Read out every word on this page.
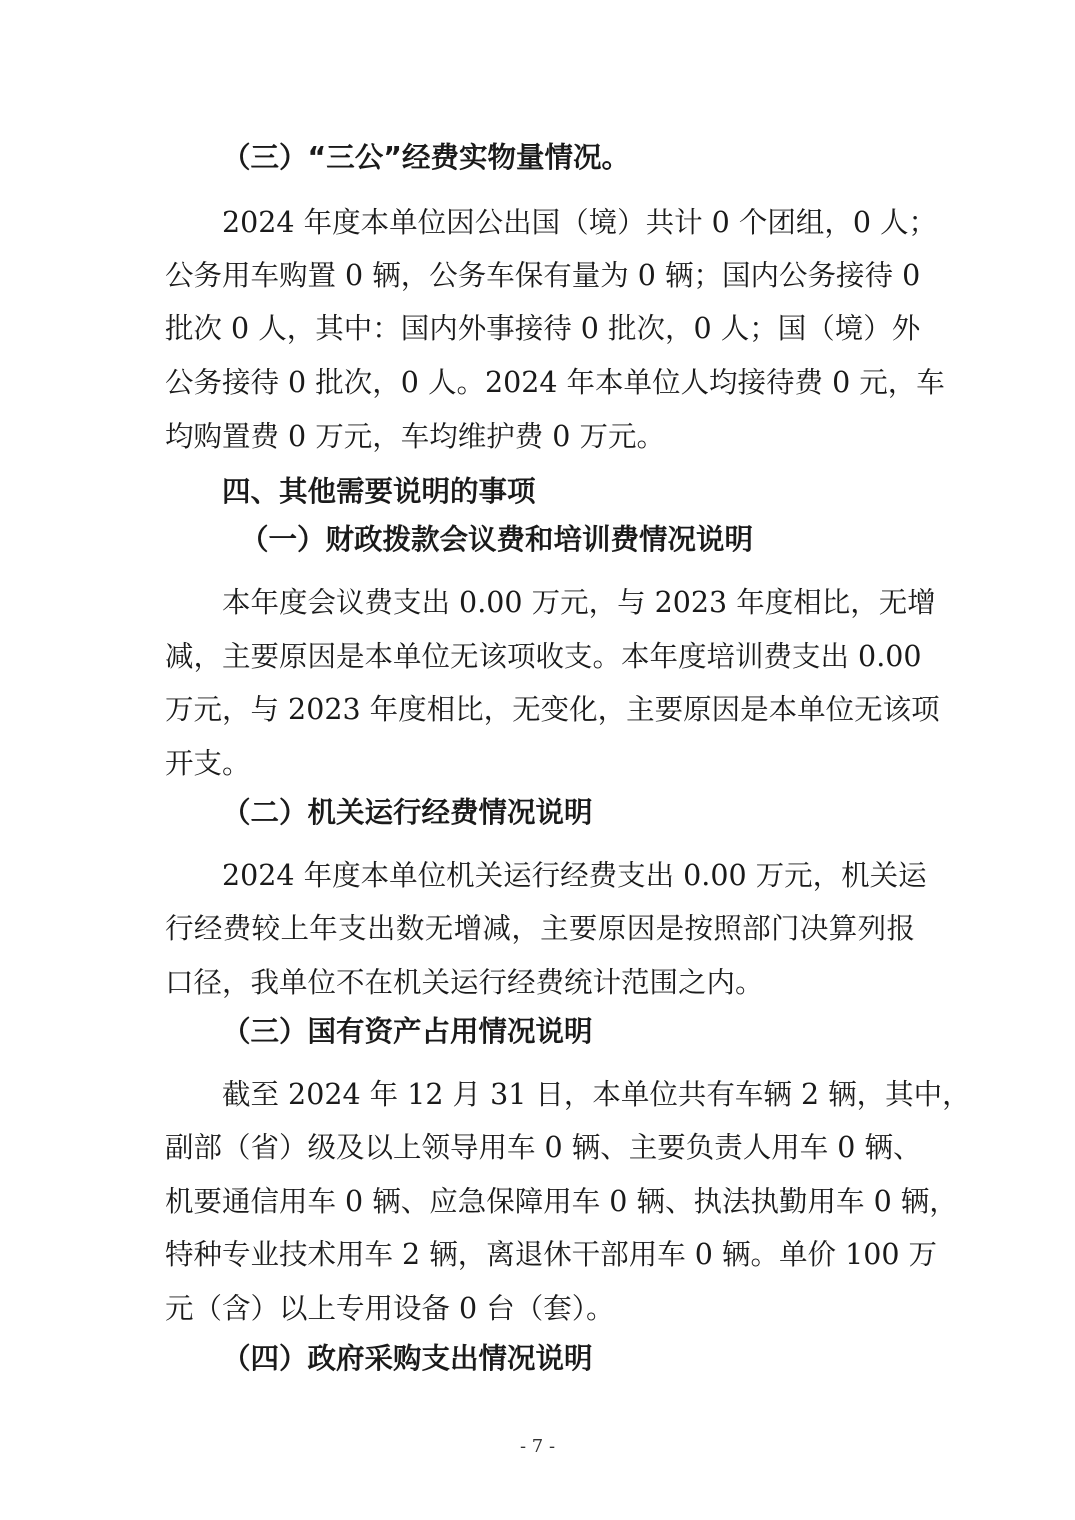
（三）“三公”经费实物量情况。
2024 年度本单位因公出国（境）共计 0 个团组，0 人；
公务用车购置 0 辆，公务车保有量为 0 辆；国内公务接待 0
批次 0 人，其中：国内外事接待 0 批次，0 人；国（境）外
公务接待 0 批次，0 人。2024 年本单位人均接待费 0 元，车
均购置费 0 万元，车均维护费 0 万元。
四、其他需要说明的事项
（一）财政拨款会议费和培训费情况说明
本年度会议费支出 0.00 万元，与 2023 年度相比，无增
减，主要原因是本单位无该项收支。本年度培训费支出 0.00
万元，与 2023 年度相比，无变化，主要原因是本单位无该项
开支。
（二）机关运行经费情况说明
2024 年度本单位机关运行经费支出 0.00 万元，机关运
行经费较上年支出数无增减，主要原因是按照部门决算列报
口径，我单位不在机关运行经费统计范围之内。
（三）国有资产占用情况说明
截至 2024 年 12 月 31 日，本单位共有车辆 2 辆，其中，
副部（省）级及以上领导用车 0 辆、主要负责人用车 0 辆、
机要通信用车 0 辆、应急保障用车 0 辆、执法执勤用车 0 辆，
特种专业技术用车 2 辆，离退休干部用车 0 辆。单价 100 万
元（含）以上专用设备 0 台（套）。
（四）政府采购支出情况说明
- 7 -
